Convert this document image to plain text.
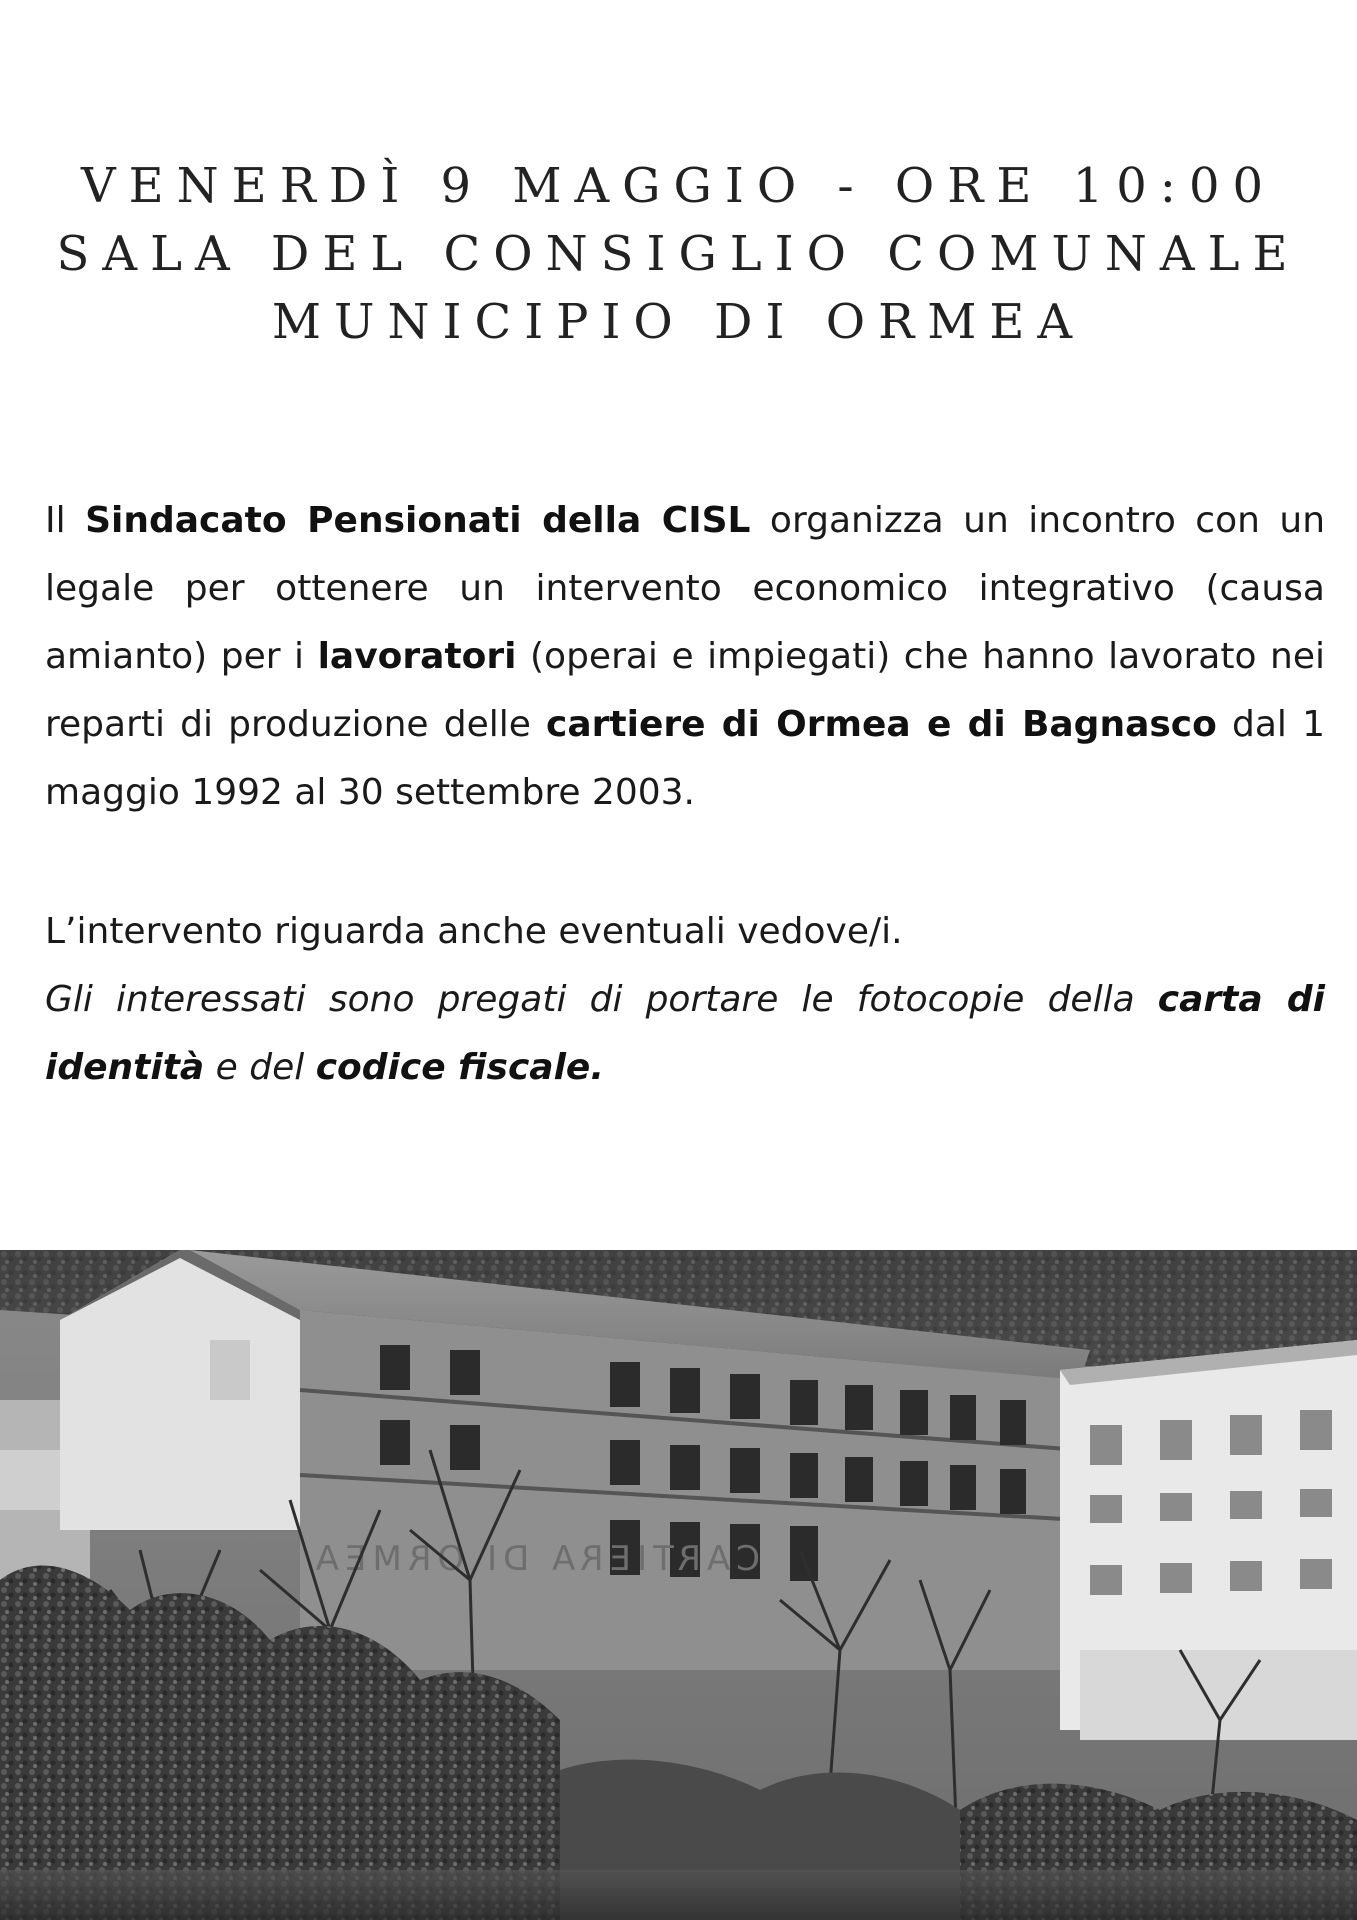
VENERDÌ 9 MAGGIO - ORE 10:00
SALA DEL CONSIGLIO COMUNALE
MUNICIPIO DI ORMEA
Il Sindacato Pensionati della CISL organizza un incontro con un legale per ottenere un intervento economico integrativo (causa amianto) per i lavoratori (operai e impiegati) che hanno lavorato nei reparti di produzione delle cartiere di Ormea e di Bagnasco dal 1 maggio 1992 al 30 settembre 2003.
L’intervento riguarda anche eventuali vedove/i.
Gli interessati sono pregati di portare le fotocopie della carta di identità e del codice fiscale.
CARTIERA DI ORMEA
